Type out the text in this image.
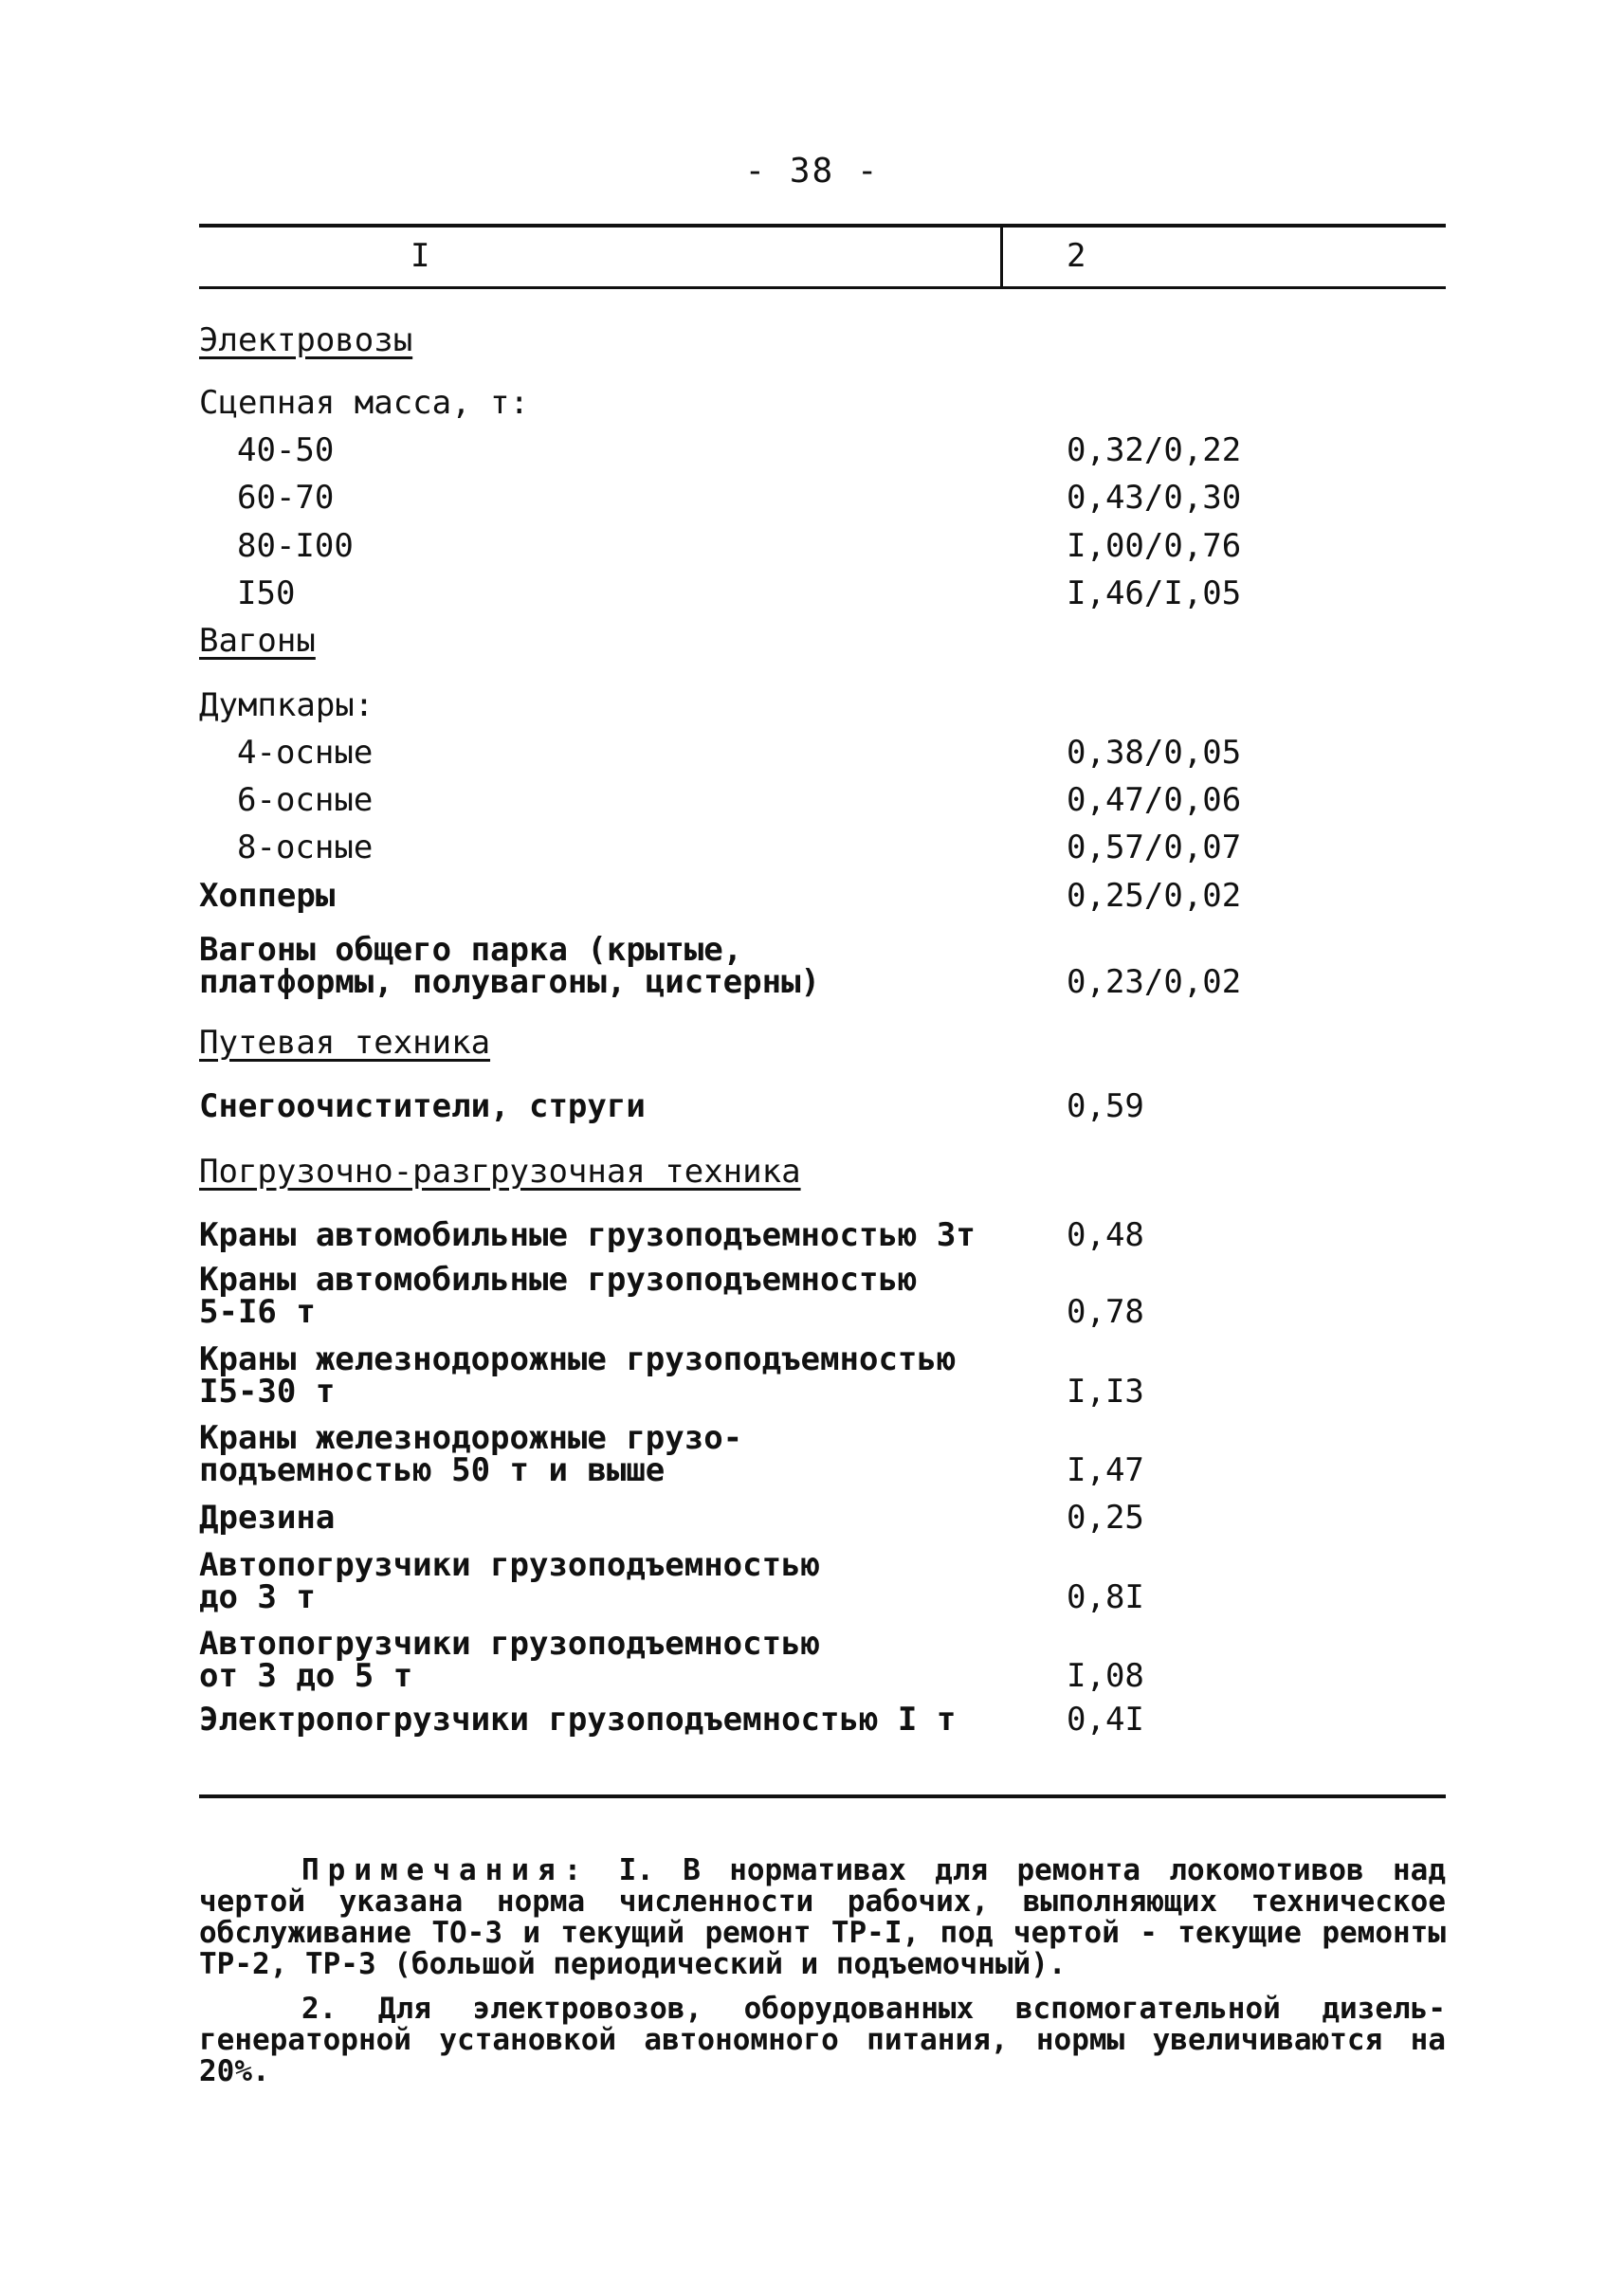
- 38 -
I	2
Электровозы
Сцепная масса, т:
40-50	0,32/0,22
60-70	0,43/0,30
80-I00	I,00/0,76
I50	I,46/I,05
Вагоны
Думпкары:
4-осные	0,38/0,05
6-осные	0,47/0,06
8-осные	0,57/0,07
Хопперы	0,25/0,02
Вагоны общего парка (крытые,
платформы, полувагоны, цистерны)	0,23/0,02
Путевая техника
Снегоочистители, струги	0,59
Погрузочно-разгрузочная техника
Краны автомобильные грузоподъемностью 3т	0,48
Краны автомобильные грузоподъемностью
5-I6 т	0,78
Краны железнодорожные грузоподъемностью
I5-30 т	I,I3
Краны железнодорожные грузо-
подъемностью 50 т и выше	I,47
Дрезина	0,25
Автопогрузчики грузоподъемностью
до 3 т	0,8I
Автопогрузчики грузоподъемностью
от 3 до 5 т	I,08
Электропогрузчики грузоподъемностью I т	0,4I

Примечания: I. В нормативах для ремонта локомотивов над чертой указана норма численности рабочих, выполняющих техническое обслуживание ТО-3 и текущий ремонт ТР-I, под чертой - текущие ремонты ТР-2, ТР-3 (большой периодический и подъемочный).

2. Для электровозов, оборудованных вспомогательной дизель-генераторной установкой автономного питания, нормы увеличиваются на 20%.
